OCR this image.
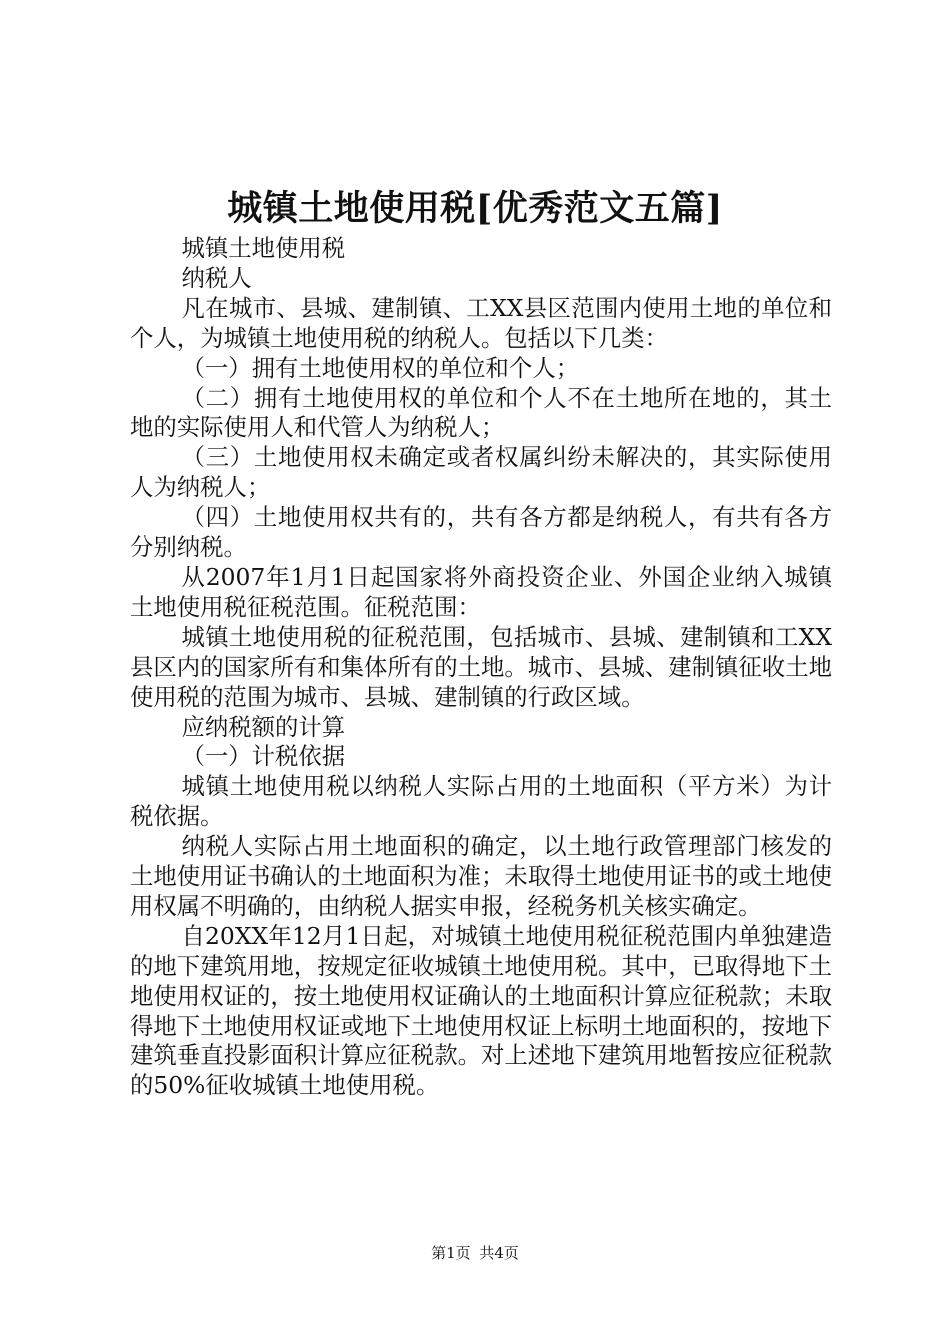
城镇土地使用税[优秀范文五篇]

城镇土地使用税

纳税人

凡在城市、县城、建制镇、工XX县区范围内使用土地的单位和个人，为城镇土地使用税的纳税人。包括以下几类：

（一）拥有土地使用权的单位和个人；

（二）拥有土地使用权的单位和个人不在土地所在地的，其土地的实际使用人和代管人为纳税人；

（三）土地使用权未确定或者权属纠纷未解决的，其实际使用人为纳税人；

（四）土地使用权共有的，共有各方都是纳税人，有共有各方分别纳税。

从2007年1月1日起国家将外商投资企业、外国企业纳入城镇土地使用税征税范围。征税范围：

城镇土地使用税的征税范围，包括城市、县城、建制镇和工XX县区内的国家所有和集体所有的土地。城市、县城、建制镇征收土地使用税的范围为城市、县城、建制镇的行政区域。

应纳税额的计算

（一）计税依据

城镇土地使用税以纳税人实际占用的土地面积（平方米）为计税依据。

纳税人实际占用土地面积的确定，以土地行政管理部门核发的土地使用证书确认的土地面积为准；未取得土地使用证书的或土地使用权属不明确的，由纳税人据实申报，经税务机关核实确定。

自20XX年12月1日起，对城镇土地使用税征税范围内单独建造的地下建筑用地，按规定征收城镇土地使用税。其中，已取得地下土地使用权证的，按土地使用权证确认的土地面积计算应征税款；未取得地下土地使用权证或地下土地使用权证上标明土地面积的，按地下建筑垂直投影面积计算应征税款。对上述地下建筑用地暂按应征税款的50%征收城镇土地使用税。

第1页 共4页
